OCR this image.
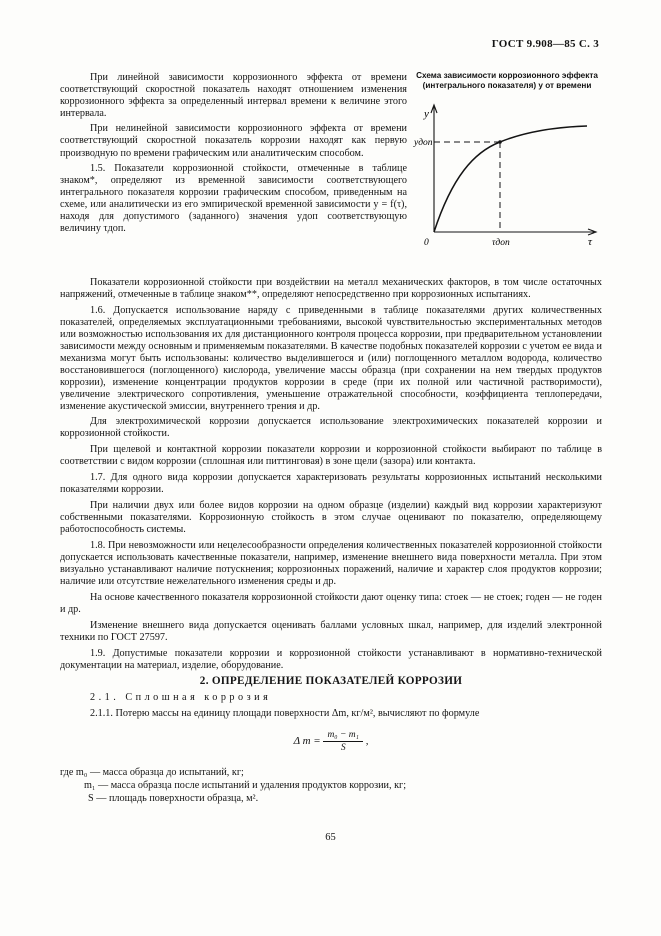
ГОСТ 9.908—85 С. 3

При линейной зависимости коррозионного эффекта от времени соответствующий скоростной показатель находят отношением изменения коррозионного эффекта за определенный интервал времени к величине этого интервала.

При нелинейной зависимости коррозионного эффекта от времени соответствующий скоростной показатель коррозии находят как первую производную по времени графическим или аналитическим способом.

1.5. Показатели коррозионной стойкости, отмеченные в таблице знаком*, определяют из временной зависимости соответствующего интегрального показателя коррозии графическим способом, приведенным на схеме, или аналитически из его эмпирической временной зависимости y = f(τ), находя для допустимого (заданного) значения yдоп соответствующую величину τдоп.

Схема зависимости коррозионного эффекта (интегрального показателя) y от времени
y
yдоп
0	τдоп	τ

Показатели коррозионной стойкости при воздействии на металл механических факторов, в том числе остаточных напряжений, отмеченные в таблице знаком**, определяют непосредственно при коррозионных испытаниях.

1.6. Допускается использование наряду с приведенными в таблице показателями других количественных показателей, определяемых эксплуатационными требованиями, высокой чувствительностью экспериментальных методов или возможностью использования их для дистанционного контроля процесса коррозии, при предварительном установлении зависимости между основным и применяемым показателями. В качестве подобных показателей коррозии с учетом ее вида и механизма могут быть использованы: количество выделившегося и (или) поглощенного металлом водорода, количество восстановившегося (поглощенного) кислорода, увеличение массы образца (при сохранении на нем твердых продуктов коррозии), изменение концентрации продуктов коррозии в среде (при их полной или частичной растворимости), увеличение электрического сопротивления, уменьшение отражательной способности, коэффициента теплопередачи, изменение акустической эмиссии, внутреннего трения и др.

Для электрохимической коррозии допускается использование электрохимических показателей коррозии и коррозионной стойкости.

При щелевой и контактной коррозии показатели коррозии и коррозионной стойкости выбирают по таблице в соответствии с видом коррозии (сплошная или питтинговая) в зоне щели (зазора) или контакта.

1.7. Для одного вида коррозии допускается характеризовать результаты коррозионных испытаний несколькими показателями коррозии.

При наличии двух или более видов коррозии на одном образце (изделии) каждый вид коррозии характеризуют собственными показателями. Коррозионную стойкость в этом случае оценивают по показателю, определяющему работоспособность системы.

1.8. При невозможности или нецелесообразности определения количественных показателей коррозионной стойкости допускается использовать качественные показатели, например, изменение внешнего вида поверхности металла. При этом визуально устанавливают наличие потускнения; коррозионных поражений, наличие и характер слоя продуктов коррозии; наличие или отсутствие нежелательного изменения среды и др.

На основе качественного показателя коррозионной стойкости дают оценку типа: стоек — не стоек; годен — не годен и др.

Изменение внешнего вида допускается оценивать баллами условных шкал, например, для изделий электронной техники по ГОСТ 27597.

1.9. Допустимые показатели коррозии и коррозионной стойкости устанавливают в нормативно-технической документации на материал, изделие, оборудование.

2. ОПРЕДЕЛЕНИЕ ПОКАЗАТЕЛЕЙ КОРРОЗИИ

2.1. Сплошная коррозия

2.1.1. Потерю массы на единицу площади поверхности Δm, кг/м², вычисляют по формуле

Δ $m = \frac{\text{m₀ − m₁}}{S}$ ,
где m₀ — масса образца до испытаний, кг;
m₁ — масса образца после испытаний и удаления продуктов коррозии, кг;
S — площадь поверхности образца, м².
65
